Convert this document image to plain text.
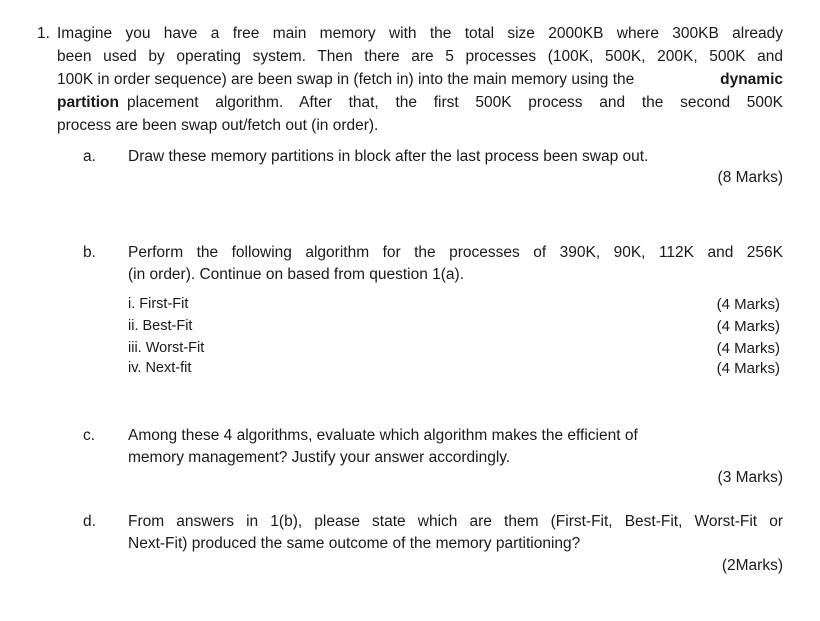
1. Imagine you have a free main memory with the total size 2000KB where 300KB already
been used by operating system. Then there are 5 processes (100K, 500K, 200K, 500K and
100K in order sequence) are been swap in (fetch in) into the main memory using the	dynamic
partition placement algorithm. After that, the first 500K process and the second 500K
process are been swap out/fetch out (in order).
a. Draw these memory partitions in block after the last process been swap out.
(8 Marks)
b. Perform the following algorithm for the processes of 390K, 90K, 112K and 256K
(in order). Continue on based from question 1(a).
i. First-Fit	(4 Marks)
ii. Best-Fit	(4 Marks)
iii. Worst-Fit	(4 Marks)
iv. Next-fit	(4 Marks)
c. Among these 4 algorithms, evaluate which algorithm makes the efficient of
memory management? Justify your answer accordingly.
(3 Marks)
d. From answers in 1(b), please state which are them (First-Fit, Best-Fit, Worst-Fit or
Next-Fit) produced the same outcome of the memory partitioning?
(2Marks)
